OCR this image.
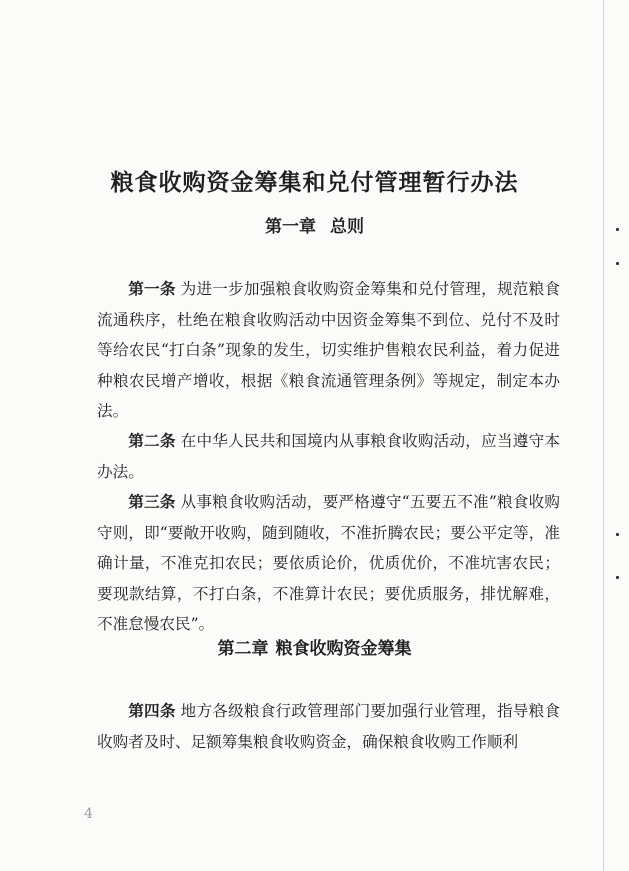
粮食收购资金筹集和兑付管理暂行办法
第一章 总则

第一条 为进一步加强粮食收购资金筹集和兑付管理，规范粮食流通秩序，杜绝在粮食收购活动中因资金筹集不到位、兑付不及时等给农民“打白条”现象的发生，切实维护售粮农民利益，着力促进种粮农民增产增收，根据《粮食流通管理条例》等规定，制定本办法。

第二条 在中华人民共和国境内从事粮食收购活动，应当遵守本办法。

第三条 从事粮食收购活动，要严格遵守“五要五不准”粮食收购守则，即“要敞开收购，随到随收，不准折腾农民；要公平定等，准确计量，不准克扣农民；要依质论价，优质优价，不准坑害农民；要现款结算，不打白条，不准算计农民；要优质服务，排忧解难，不准怠慢农民”。

第二章 粮食收购资金筹集

第四条 地方各级粮食行政管理部门要加强行业管理，指导粮食收购者及时、足额筹集粮食收购资金，确保粮食收购工作顺利

4
